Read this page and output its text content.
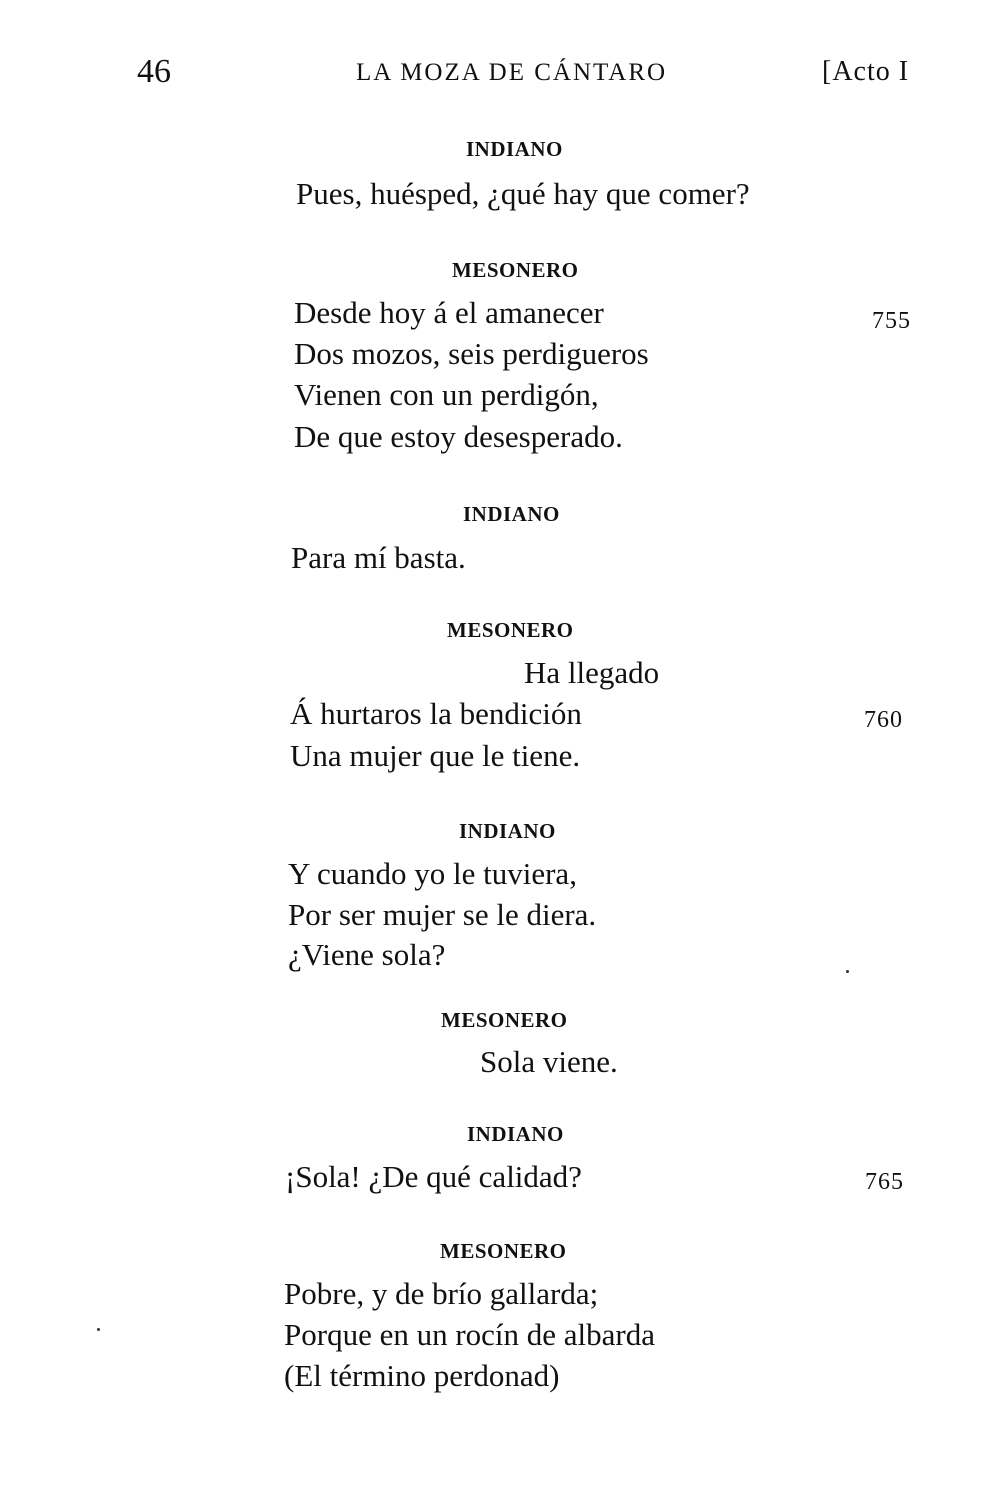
46	LA MOZA DE CÁNTARO	[Acto I
INDIANO
Pues, huésped, ¿qué hay que comer?
MESONERO
Desde hoy á el amanecer	755
Dos mozos, seis perdigueros
Vienen con un perdigón,
De que estoy desesperado.
INDIANO
Para mí basta.
MESONERO
Ha llegado
Á hurtaros la bendición	760
Una mujer que le tiene.
INDIANO
Y cuando yo le tuviera,
Por ser mujer se le diera.
¿Viene sola?
MESONERO
Sola viene.
INDIANO
¡Sola! ¿De qué calidad?	765
MESONERO
Pobre, y de brío gallarda;
Porque en un rocín de albarda
(El término perdonad)
